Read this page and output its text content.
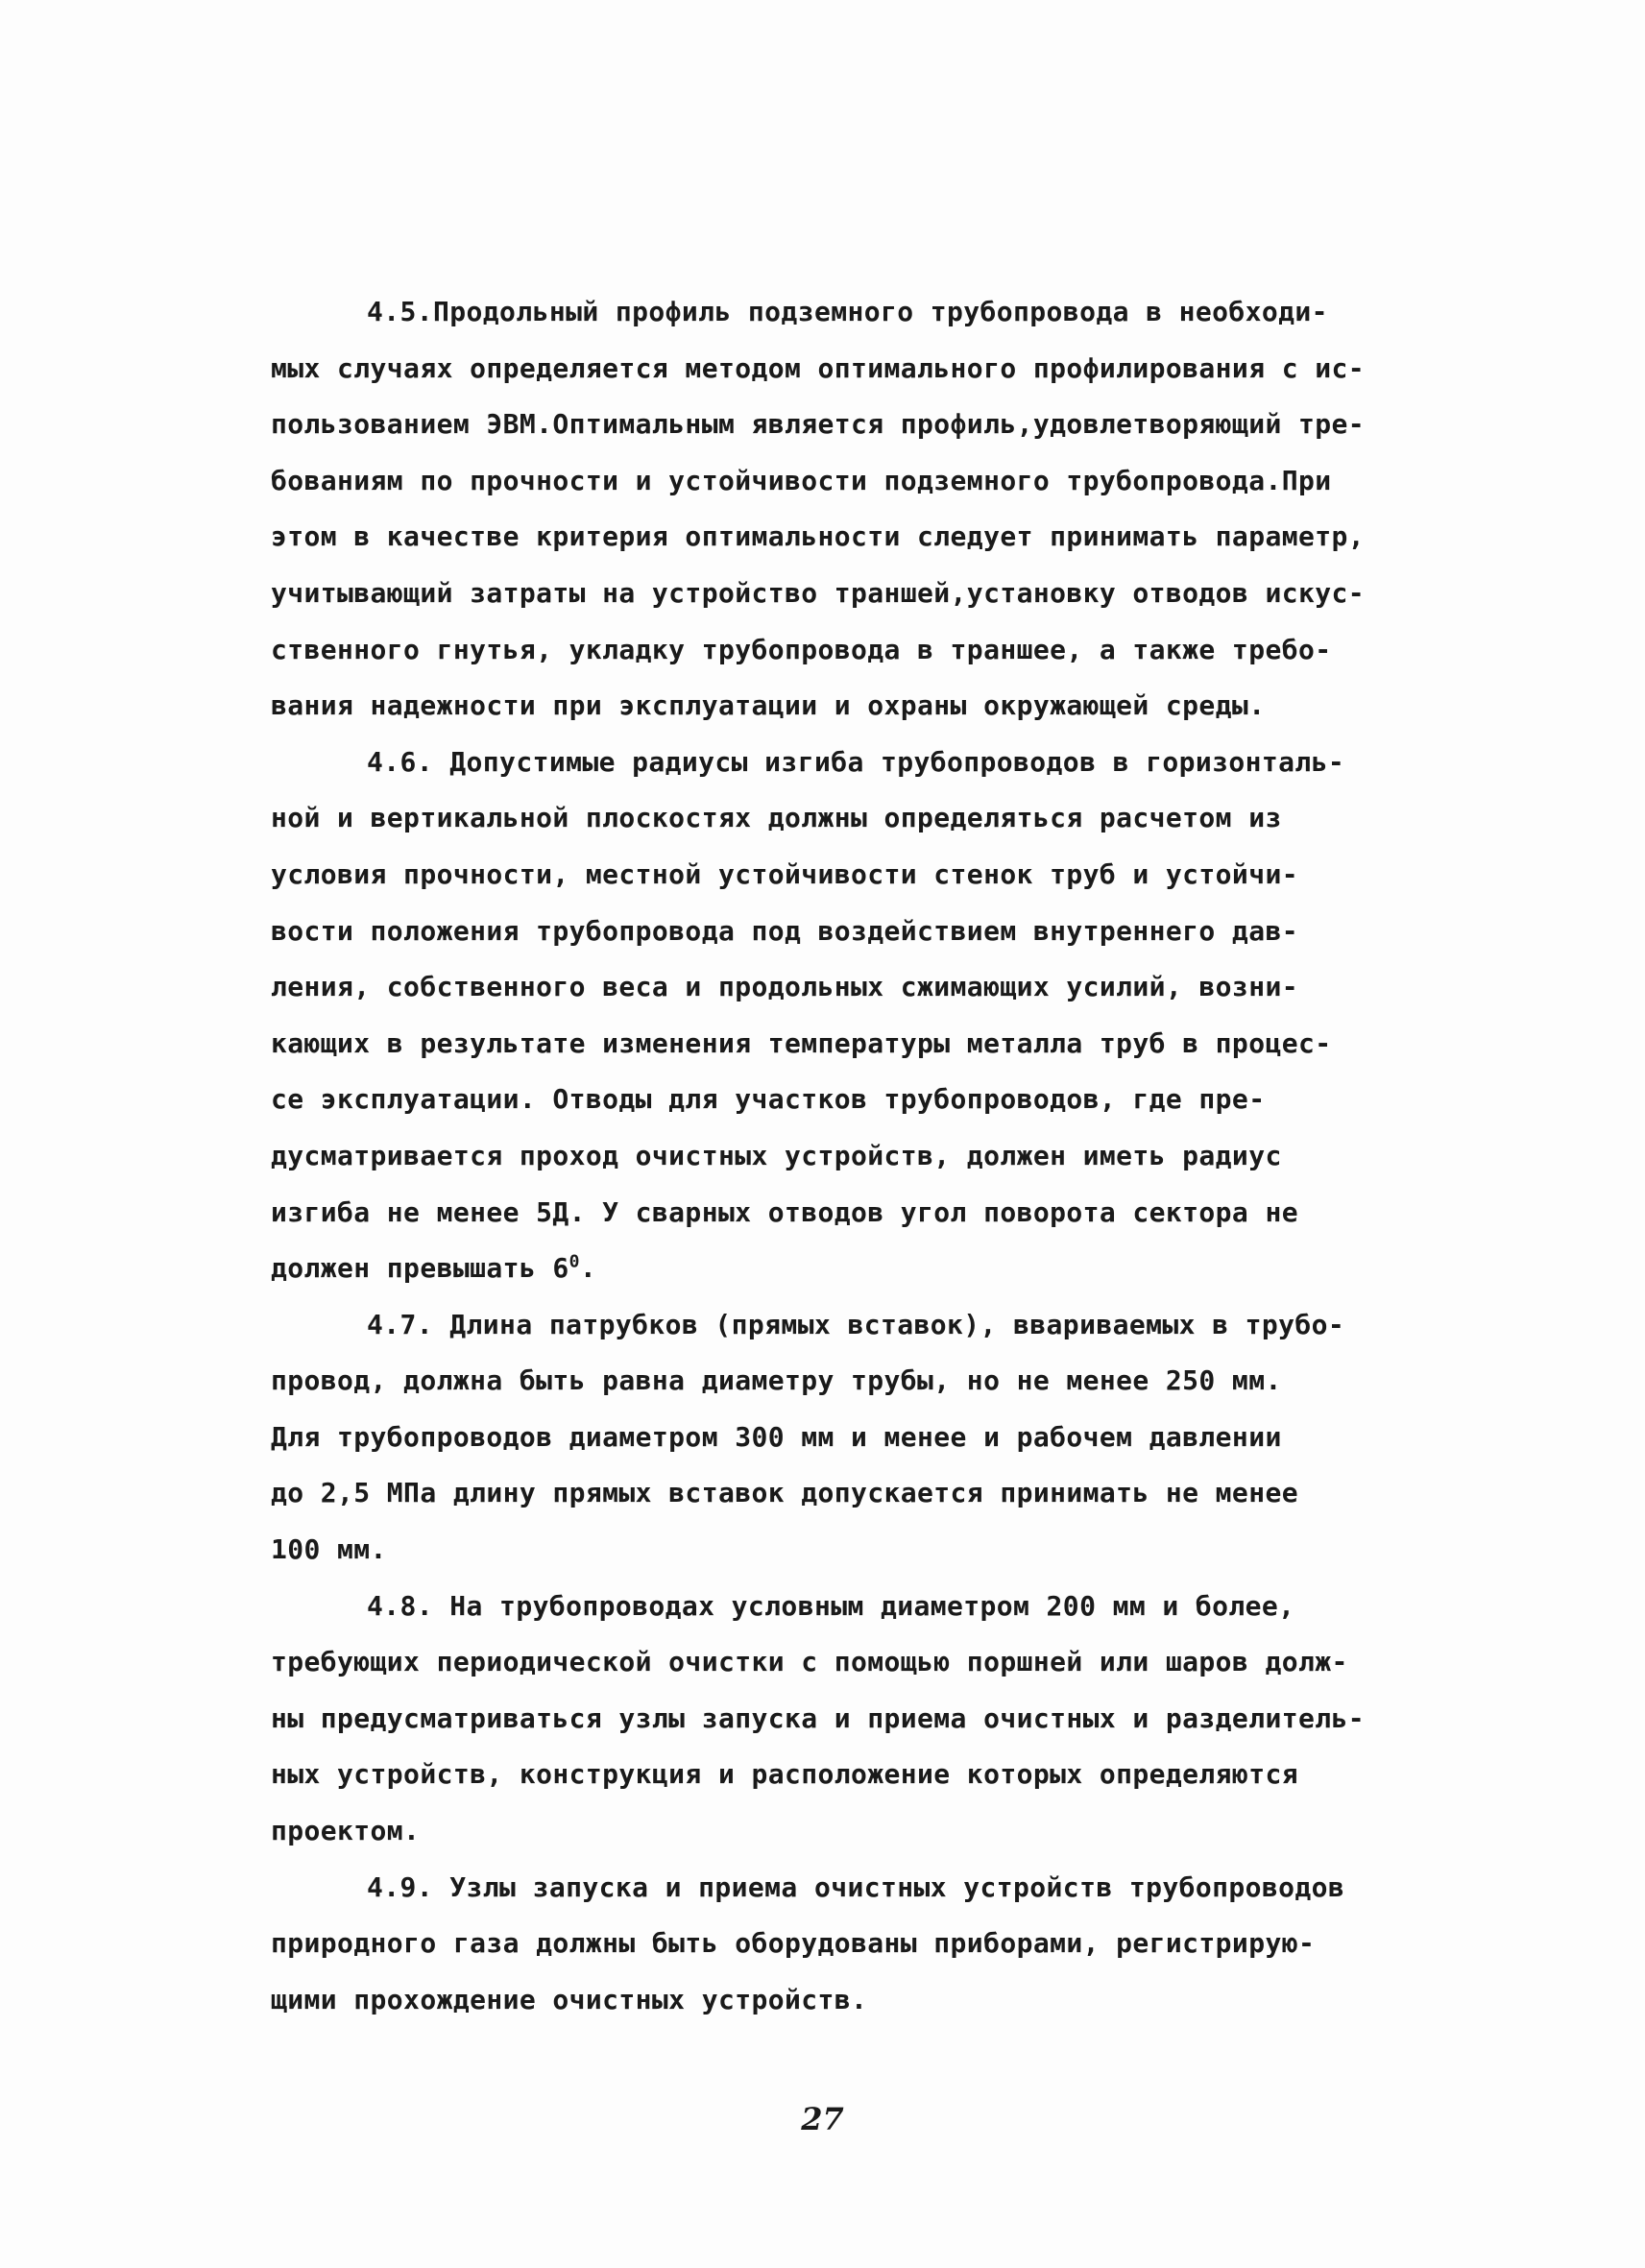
4.5.Продольный профиль подземного трубопровода в необходи-
мых случаях определяется методом оптимального профилирования с ис-
пользованием ЭВМ.Оптимальным является профиль,удовлетворяющий тре-
бованиям по прочности и устойчивости подземного трубопровода.При
этом в качестве критерия оптимальности следует принимать параметр,
учитывающий затраты на устройство траншей,установку отводов искус-
ственного гнутья, укладку трубопровода в траншее, а также требо-
вания надежности при эксплуатации и охраны окружающей среды.
4.6. Допустимые радиусы изгиба трубопроводов в горизонталь-
ной и вертикальной плоскостях должны определяться расчетом из
условия прочности, местной устойчивости стенок труб и устойчи-
вости положения трубопровода под воздействием внутреннего дав-
ления, собственного веса и продольных сжимающих усилий, возни-
кающих в результате изменения температуры металла труб в процес-
се эксплуатации. Отводы для участков трубопроводов, где пре-
дусматривается проход очистных устройств, должен иметь радиус
изгиба не менее 5Д. У сварных отводов угол поворота сектора не
должен превышать $6^0$.
4.7. Длина патрубков (прямых вставок), ввариваемых в трубо-
провод, должна быть равна диаметру трубы, но не менее 250 мм.
Для трубопроводов диаметром 300 мм и менее и рабочем давлении
до 2,5 МПа длину прямых вставок допускается принимать не менее
100 мм.
4.8. На трубопроводах условным диаметром 200 мм и более,
требующих периодической очистки с помощью поршней или шаров долж-
ны предусматриваться узлы запуска и приема очистных и разделитель-
ных устройств, конструкция и расположение которых определяются
проектом.
4.9. Узлы запуска и приема очистных устройств трубопроводов
природного газа должны быть оборудованы приборами, регистрирую-
щими прохождение очистных устройств.
27
